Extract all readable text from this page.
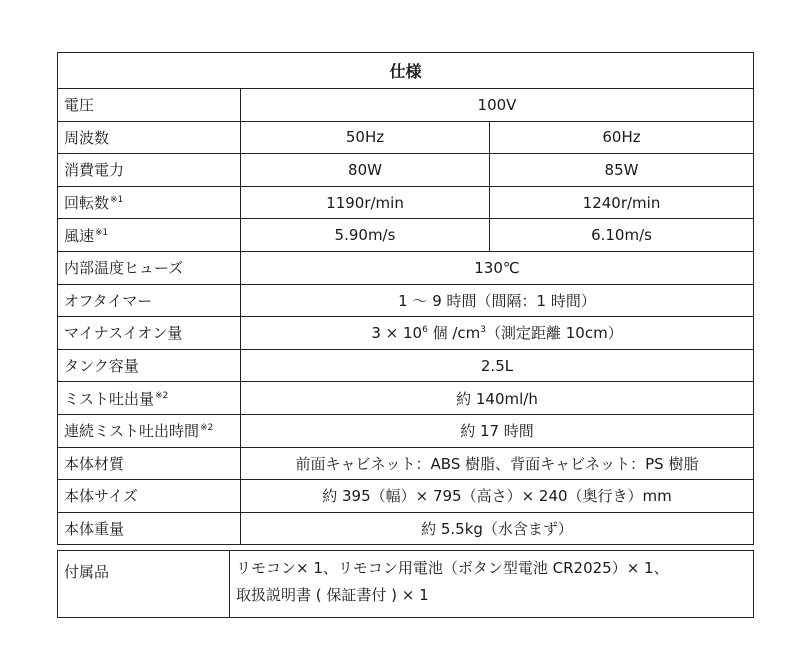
仕様		
電圧	100V	
周波数	50Hz	60Hz
消費電力	80W	85W
回転数$^{※1}$	1190r/min	1240r/min
風速$^{※1}$	5.90m/s	6.10m/s
内部温度ヒューズ	130℃	
オフタイマー	1 〜 9 時間（間隔：1 時間）	
マイナスイオン量	$3 \times 10^6$ 個 $/cm^3$（測定距離 10cm）	
タンク容量	2.5L	
ミスト吐出量$^{※2}$	約 140ml/h	
連続ミスト吐出時間$^{※2}$	約 17 時間	
本体材質	前面キャビネット：ABS 樹脂、背面キャビネット：PS 樹脂	
本体サイズ	約 395（幅）× 795（高さ）× 240（奥行き）mm	
本体重量	約 5.5kg（水含まず）	
付属品	リモコン× 1、リモコン用電池（ボタン型電池 CR2025）× 1、
取扱説明書 ( 保証書付 ) × 1
